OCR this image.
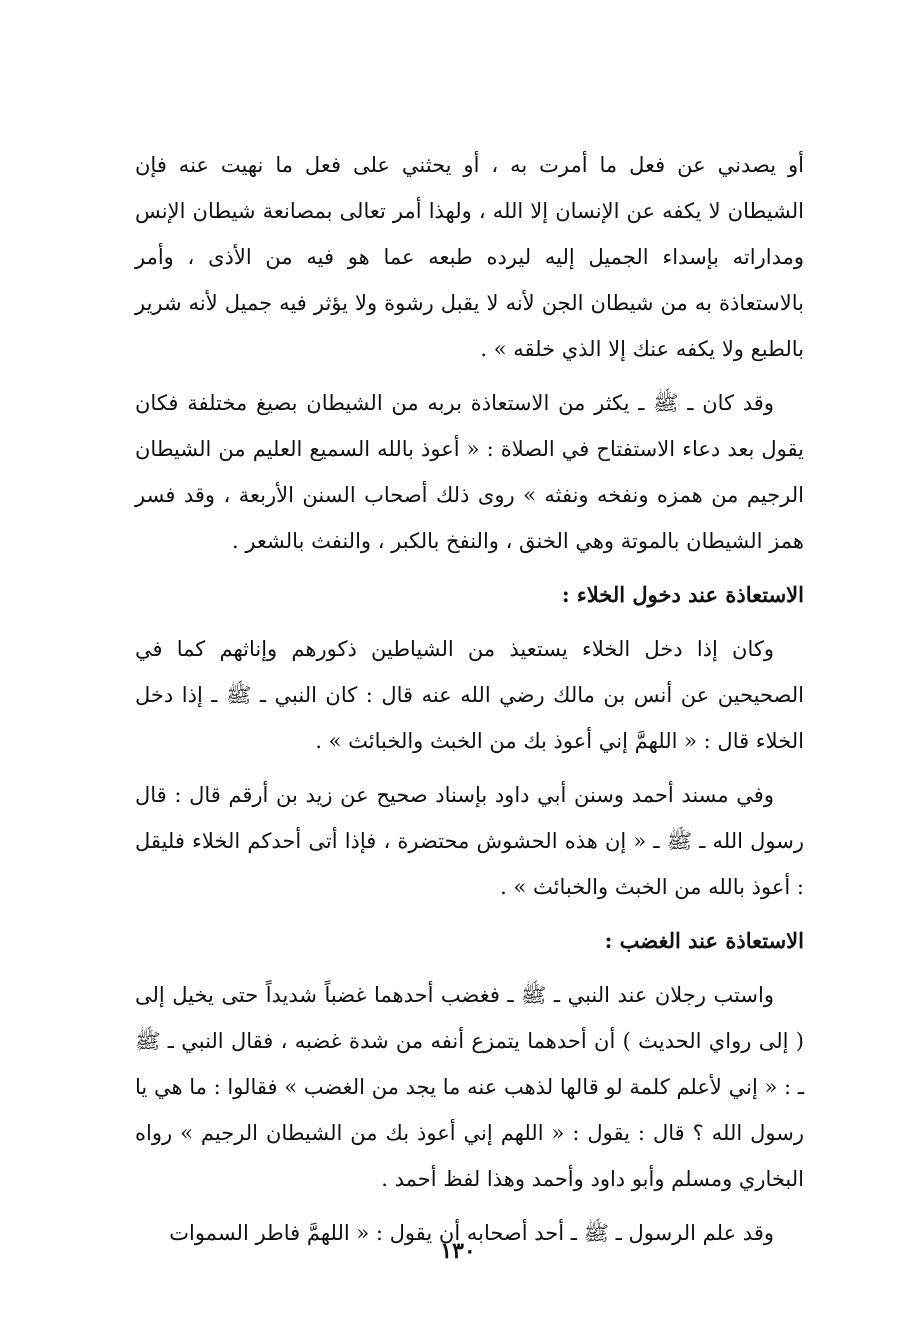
أو يصدني عن فعل ما أمرت به ، أو يحثني على فعل ما نهيت عنه فإن الشيطان لا يكفه عن الإنسان إلا الله ، ولهذا أمر تعالى بمصانعة شيطان الإنس ومداراته بإسداء الجميل إليه ليرده طبعه عما هو فيه من الأذى ، وأمر بالاستعاذة به من شيطان الجن لأنه لا يقبل رشوة ولا يؤثر فيه جميل لأنه شرير بالطبع ولا يكفه عنك إلا الذي خلقه » .

وقد كان ـ ﷺ ـ يكثر من الاستعاذة بربه من الشيطان بصيغ مختلفة فكان يقول بعد دعاء الاستفتاح في الصلاة : « أعوذ بالله السميع العليم من الشيطان الرجيم من همزه ونفخه ونفثه » روى ذلك أصحاب السنن الأربعة ، وقد فسر همز الشيطان بالموتة وهي الخنق ، والنفخ بالكبر ، والنفث بالشعر .

الاستعاذة عند دخول الخلاء :

وكان إذا دخل الخلاء يستعيذ من الشياطين ذكورهم وإناثهم كما في الصحيحين عن أنس بن مالك رضي الله عنه قال : كان النبي ـ ﷺ ـ إذا دخل الخلاء قال : « اللهمَّ إني أعوذ بك من الخبث والخبائث » .

وفي مسند أحمد وسنن أبي داود بإسناد صحيح عن زيد بن أرقم قال : قال رسول الله ـ ﷺ ـ « إن هذه الحشوش محتضرة ، فإذا أتى أحدكم الخلاء فليقل : أعوذ بالله من الخبث والخبائث » .

الاستعاذة عند الغضب :

واستب رجلان عند النبي ـ ﷺ ـ فغضب أحدهما غضباً شديداً حتى يخيل إلى ( إلى رواي الحديث ) أن أحدهما يتمزع أنفه من شدة غضبه ، فقال النبي ـ ﷺ ـ : « إني لأعلم كلمة لو قالها لذهب عنه ما يجد من الغضب » فقالوا : ما هي يا رسول الله ؟ قال : يقول : « اللهم إني أعوذ بك من الشيطان الرجيم » رواه البخاري ومسلم وأبو داود وأحمد وهذا لفظ أحمد .

وقد علم الرسول ـ ﷺ ـ أحد أصحابه أن يقول : « اللهمَّ فاطر السموات

١٣٠
